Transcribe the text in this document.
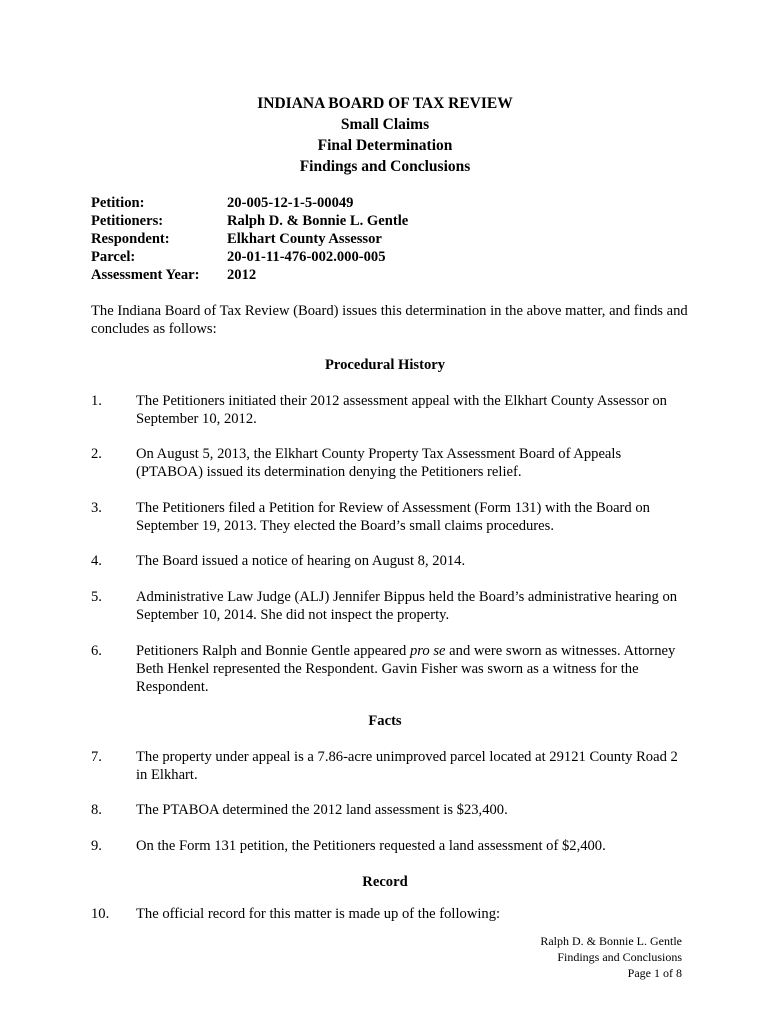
INDIANA BOARD OF TAX REVIEW
Small Claims
Final Determination
Findings and Conclusions
Petition:	20-005-12-1-5-00049
Petitioners:	Ralph D. & Bonnie L. Gentle
Respondent:	Elkhart County Assessor
Parcel:	20-01-11-476-002.000-005
Assessment Year:	2012
The Indiana Board of Tax Review (Board) issues this determination in the above matter, and finds and concludes as follows:
Procedural History
1.	The Petitioners initiated their 2012 assessment appeal with the Elkhart County Assessor on September 10, 2012.
2.	On August 5, 2013, the Elkhart County Property Tax Assessment Board of Appeals (PTABOA) issued its determination denying the Petitioners relief.
3.	The Petitioners filed a Petition for Review of Assessment (Form 131) with the Board on September 19, 2013. They elected the Board’s small claims procedures.
4.	The Board issued a notice of hearing on August 8, 2014.
5.	Administrative Law Judge (ALJ) Jennifer Bippus held the Board’s administrative hearing on September 10, 2014. She did not inspect the property.
6.	Petitioners Ralph and Bonnie Gentle appeared pro se and were sworn as witnesses. Attorney Beth Henkel represented the Respondent. Gavin Fisher was sworn as a witness for the Respondent.
Facts
7.	The property under appeal is a 7.86-acre unimproved parcel located at 29121 County Road 2 in Elkhart.
8.	The PTABOA determined the 2012 land assessment is $23,400.
9.	On the Form 131 petition, the Petitioners requested a land assessment of $2,400.
Record
10.	The official record for this matter is made up of the following:
Ralph D. & Bonnie L. Gentle
Findings and Conclusions
Page 1 of 8
